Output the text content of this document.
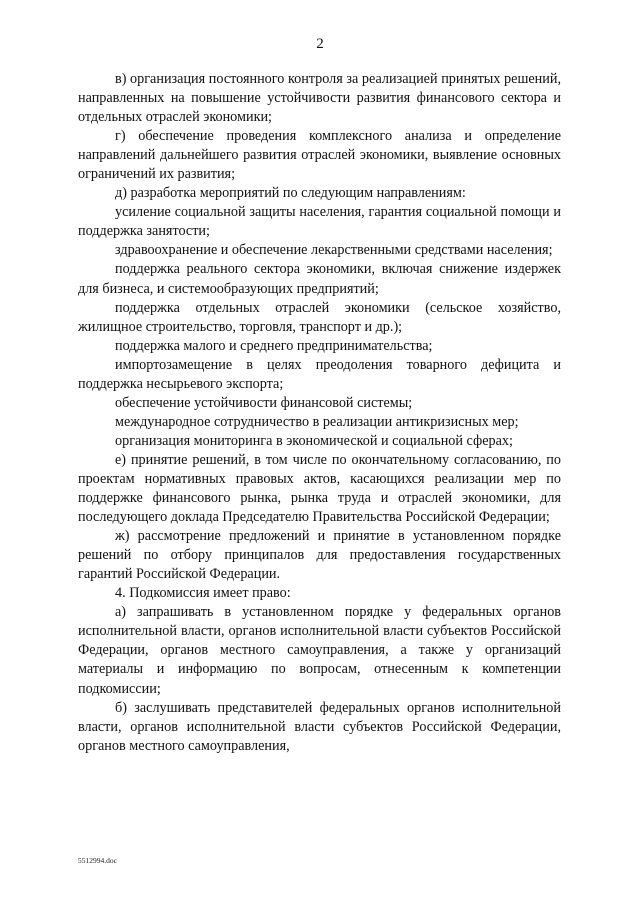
2

в) организация постоянного контроля за реализацией принятых решений, направленных на повышение устойчивости развития финансового сектора и отдельных отраслей экономики;

г) обеспечение проведения комплексного анализа и определение направлений дальнейшего развития отраслей экономики, выявление основных ограничений их развития;

д) разработка мероприятий по следующим направлениям:

усиление социальной защиты населения, гарантия социальной помощи и поддержка занятости;

здравоохранение и обеспечение лекарственными средствами населения;

поддержка реального сектора экономики, включая снижение издержек для бизнеса, и системообразующих предприятий;

поддержка отдельных отраслей экономики (сельское хозяйство, жилищное строительство, торговля, транспорт и др.);

поддержка малого и среднего предпринимательства;

импортозамещение в целях преодоления товарного дефицита и поддержка несырьевого экспорта;

обеспечение устойчивости финансовой системы;

международное сотрудничество в реализации антикризисных мер;

организация мониторинга в экономической и социальной сферах;

е) принятие решений, в том числе по окончательному согласованию, по проектам нормативных правовых актов, касающихся реализации мер по поддержке финансового рынка, рынка труда и отраслей экономики, для последующего доклада Председателю Правительства Российской Федерации;

ж) рассмотрение предложений и принятие в установленном порядке решений по отбору принципалов для предоставления государственных гарантий Российской Федерации.

4. Подкомиссия имеет право:

а) запрашивать в установленном порядке у федеральных органов исполнительной власти, органов исполнительной власти субъектов Российской Федерации, органов местного самоуправления, а также у организаций материалы и информацию по вопросам, отнесенным к компетенции подкомиссии;

б) заслушивать представителей федеральных органов исполнительной власти, органов исполнительной власти субъектов Российской Федерации, органов местного самоуправления,

5512994.doc
